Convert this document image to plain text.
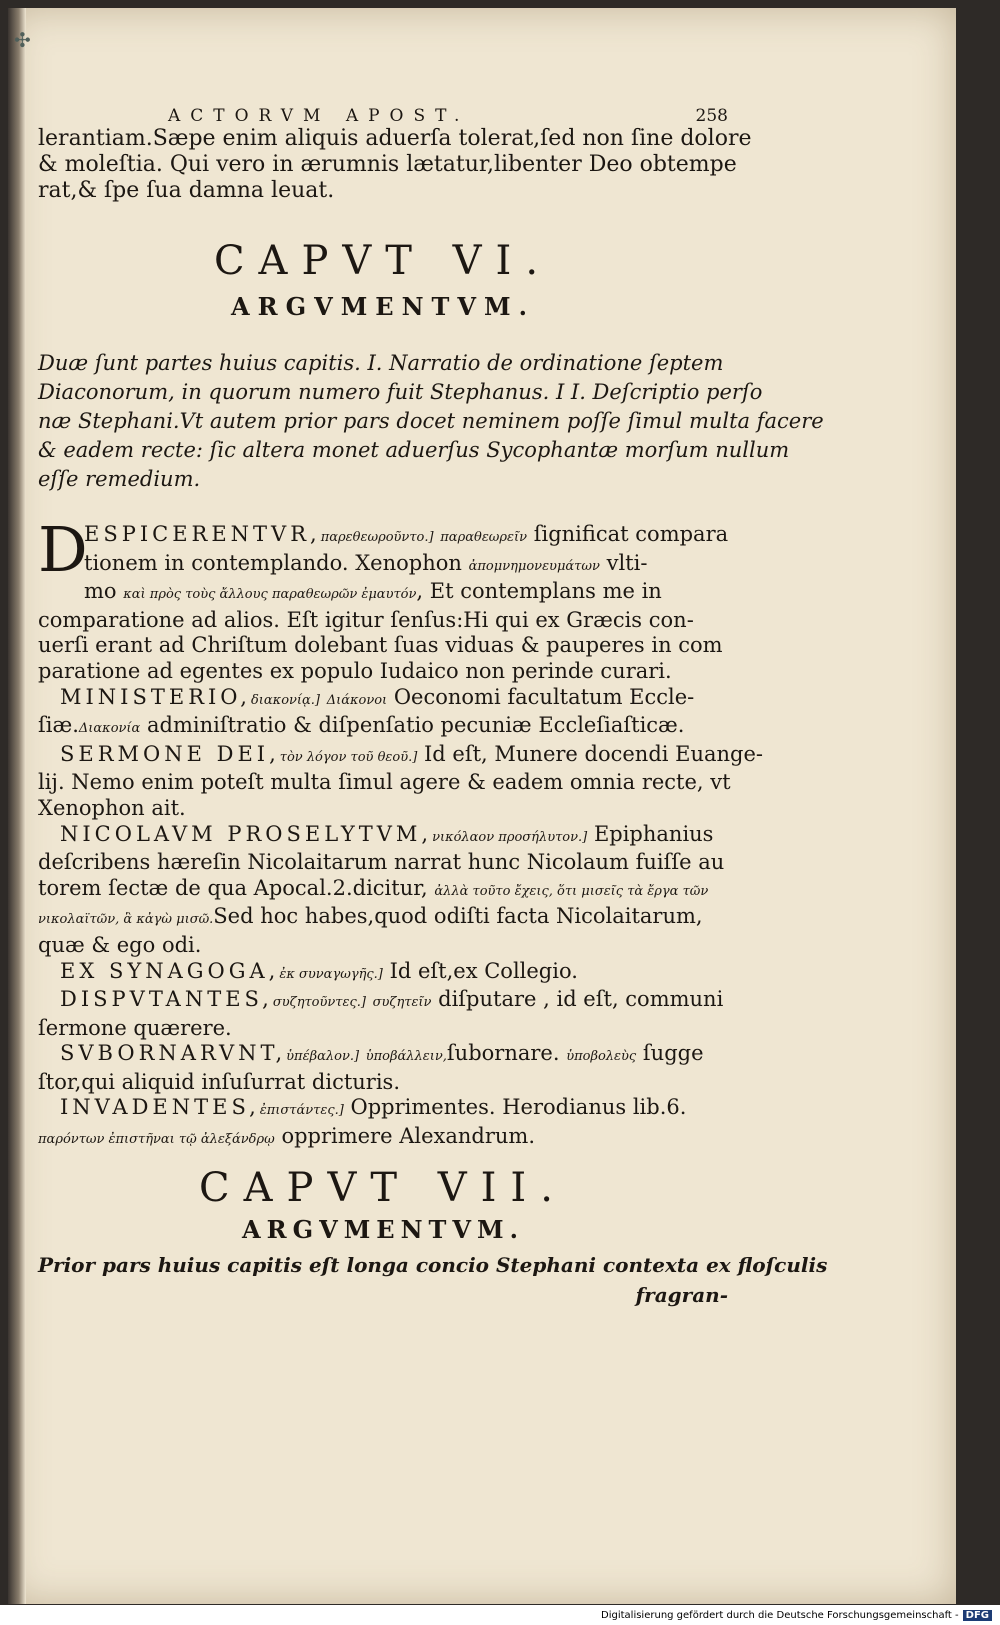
✣
ACTORVM APOST.	258
lerantiam.Sæpe enim aliquis aduerſa tolerat,ſed non ſine dolore
& moleſtia. Qui vero in ærumnis lætatur,libenter Deo obtempe
rat,& ſpe ſua damna leuat.
CAPVT VI.
ARGVMENTVM.
Duæ ſunt partes huius capitis. I. Narratio de ordinatione ſeptem
Diaconorum, in quorum numero fuit Stephanus. I I. Deſcriptio perſo
næ Stephani.Vt autem prior pars docet neminem poſſe ſimul multa facere
& eadem recte: ſic altera monet aduerſus Sycophantæ morſum nullum
eſſe remedium.
D
ESPICERENTVR,παρεθεωροῦντο.] παραθεωρεῖν ſignificat compara
tionem in contemplando. Xenophon ἀπομνημονευμάτων vlti-
mo καὶ πρὸς τοὺς ἄλλους παραθεωρῶν ἐμαυτόν, Et contemplans me in
comparatione ad alios. Eſt igitur ſenſus:Hi qui ex Græcis con-
uerſi erant ad Chriſtum dolebant ſuas viduas & pauperes in com
paratione ad egentes ex populo Iudaico non perinde curari.
MINISTERIO,διακονίᾳ.] Διάκονοι Oeconomi facultatum Eccle-
ſiæ.Διακονία adminiſtratio & diſpenſatio pecuniæ Eccleſiaſticæ.
SERMONE DEI,τὸν λόγον τοῦ θεοῦ.] Id eſt, Munere docendi Euange-
lij. Nemo enim poteſt multa ſimul agere & eadem omnia recte, vt
Xenophon ait.
NICOLAVM PROSELYTVM,νικόλαον προσήλυτον.] Epiphanius
deſcribens hæreſin Nicolaitarum narrat hunc Nicolaum fuiſſe au
torem ſectæ de qua Apocal.2.dicitur, ἀλλὰ τοῦτο ἔχεις, ὅτι μισεῖς τὰ ἔργα τῶν
νικολαϊτῶν, ἃ κἀγὼ μισῶ.Sed hoc habes,quod odiſti facta Nicolaitarum,
quæ & ego odi.
EX SYNAGOGA,ἐκ συναγωγῆς.] Id eſt,ex Collegio.
DISPVTANTES,συζητοῦντες.] συζητεῖν diſputare , id eſt, communi
ſermone quærere.
SVBORNARVNT,ὑπέβαλον.] ὑποβάλλειν,ſubornare. ὑποβολεὺς ſugge
ſtor,qui aliquid inſuſurrat dicturis.
INVADENTES,ἐπιστάντες.] Opprimentes. Herodianus lib.6.
παρόντων ἐπιστῆναι τῷ ἀλεξάνδρῳ opprimere Alexandrum.
CAPVT VII.
ARGVMENTVM.
Prior pars huius capitis eſt longa concio Stephani contexta ex floſculis
fragran-
Digitalisierung gefördert durch die Deutsche Forschungsgemeinschaft - DFG
